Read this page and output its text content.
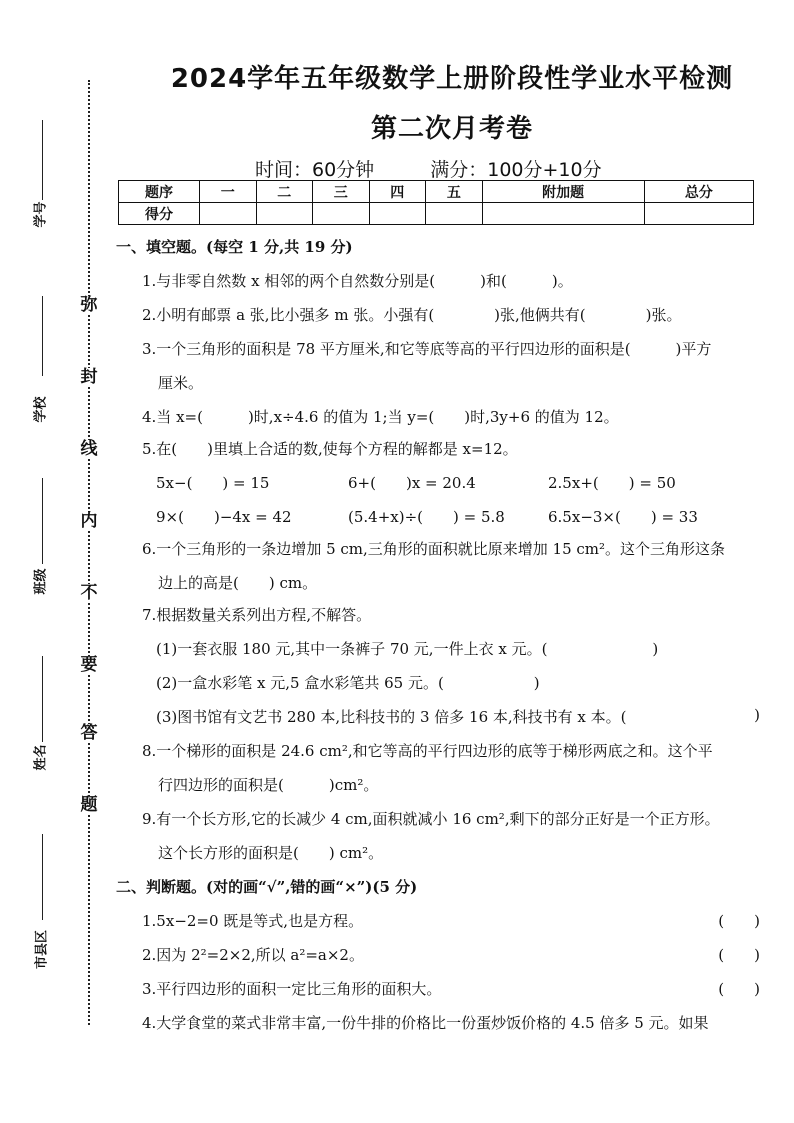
弥
封
线
内
不
要
答
题
学号
学校
班级
姓名
市县区
2024学年五年级数学上册阶段性学业水平检测
第二次月考卷
时间：60分钟	满分：100分+10分
题序	一	二	三	四	五	附加题	总分
得分							
一、填空题。(每空 1 分,共 19 分)
1.与非零自然数 x 相邻的两个自然数分别是(　　　)和(　　　)。
2.小明有邮票 a 张,比小强多 m 张。小强有(　　　　)张,他俩共有(　　　　)张。
3.一个三角形的面积是 78 平方厘米,和它等底等高的平行四边形的面积是(　　　)平方
厘米。
4.当 x=(　　　)时,x÷4.6 的值为 1;当 y=(　　)时,3y+6 的值为 12。
5.在(　　)里填上合适的数,使每个方程的解都是 x=12。
5x−(　　) = 15	6+(　　)x = 20.4	2.5x+(　　) = 50
9×(　　)−4x = 42	(5.4+x)÷(　　) = 5.8	6.5x−3×(　　) = 33
6.一个三角形的一条边增加 5 cm,三角形的面积就比原来增加 15 cm²。这个三角形这条
边上的高是(　　) cm。
7.根据数量关系列出方程,不解答。
(1)一套衣服 180 元,其中一条裤子 70 元,一件上衣 x 元。(　　　　　　　)
(2)一盒水彩笔 x 元,5 盒水彩笔共 65 元。(　　　　　　)
(3)图书馆有文艺书 280 本,比科技书的 3 倍多 16 本,科技书有 x 本。(	)
8.一个梯形的面积是 24.6 cm²,和它等高的平行四边形的底等于梯形两底之和。这个平
行四边形的面积是(　　　)cm²。
9.有一个长方形,它的长减少 4 cm,面积就减小 16 cm²,剩下的部分正好是一个正方形。
这个长方形的面积是(　　) cm²。
二、判断题。(对的画“√”,错的画“×”)(5 分)
1.5x−2=0 既是等式,也是方程。	(　　)
2.因为 2²=2×2,所以 a²=a×2。	(　　)
3.平行四边形的面积一定比三角形的面积大。	(　　)
4.大学食堂的菜式非常丰富,一份牛排的价格比一份蛋炒饭价格的 4.5 倍多 5 元。如果
